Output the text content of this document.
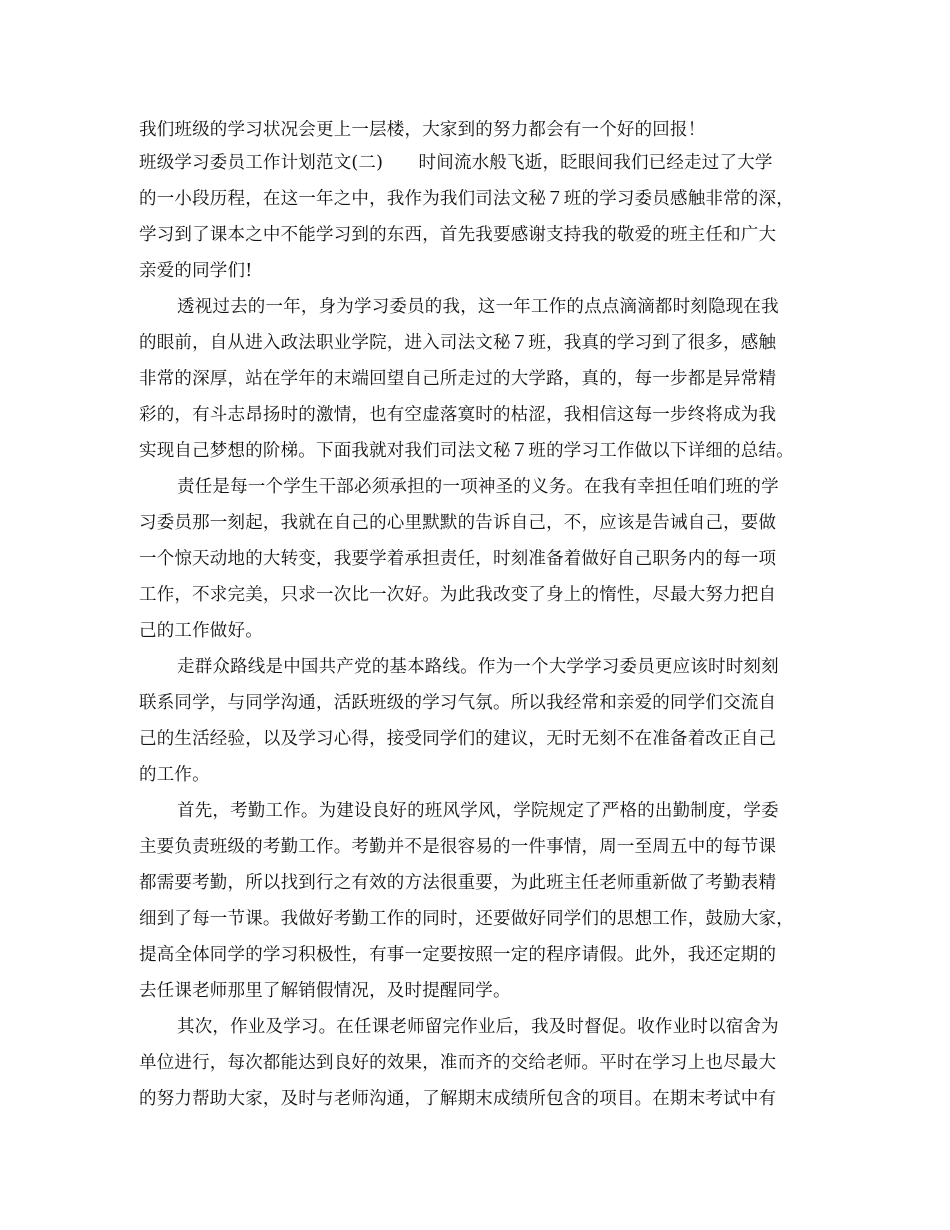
我们班级的学习状况会更上一层楼，大家到的努力都会有一个好的回报！
班级学习委员工作计划范文(二)　　时间流水般飞逝，眨眼间我们已经走过了大学
的一小段历程，在这一年之中，我作为我们司法文秘７班的学习委员感触非常的深，
学习到了课本之中不能学习到的东西，首先我要感谢支持我的敬爱的班主任和广大
亲爱的同学们!
透视过去的一年，身为学习委员的我，这一年工作的点点滴滴都时刻隐现在我
的眼前，自从进入政法职业学院，进入司法文秘７班，我真的学习到了很多，感触
非常的深厚，站在学年的末端回望自己所走过的大学路，真的，每一步都是异常精
彩的，有斗志昂扬时的激情，也有空虚落寞时的枯涩，我相信这每一步终将成为我
实现自己梦想的阶梯。下面我就对我们司法文秘７班的学习工作做以下详细的总结。
责任是每一个学生干部必须承担的一项神圣的义务。在我有幸担任咱们班的学
习委员那一刻起，我就在自己的心里默默的告诉自己，不，应该是告诫自己，要做
一个惊天动地的大转变，我要学着承担责任，时刻准备着做好自己职务内的每一项
工作，不求完美，只求一次比一次好。为此我改变了身上的惰性，尽最大努力把自
己的工作做好。
走群众路线是中国共产党的基本路线。作为一个大学学习委员更应该时时刻刻
联系同学，与同学沟通，活跃班级的学习气氛。所以我经常和亲爱的同学们交流自
己的生活经验，以及学习心得，接受同学们的建议，无时无刻不在准备着改正自己
的工作。
首先，考勤工作。为建设良好的班风学风，学院规定了严格的出勤制度，学委
主要负责班级的考勤工作。考勤并不是很容易的一件事情，周一至周五中的每节课
都需要考勤，所以找到行之有效的方法很重要，为此班主任老师重新做了考勤表精
细到了每一节课。我做好考勤工作的同时，还要做好同学们的思想工作，鼓励大家，
提高全体同学的学习积极性，有事一定要按照一定的程序请假。此外，我还定期的
去任课老师那里了解销假情况，及时提醒同学。
其次，作业及学习。在任课老师留完作业后，我及时督促。收作业时以宿舍为
单位进行，每次都能达到良好的效果，准而齐的交给老师。平时在学习上也尽最大
的努力帮助大家，及时与老师沟通，了解期末成绩所包含的项目。在期末考试中有
